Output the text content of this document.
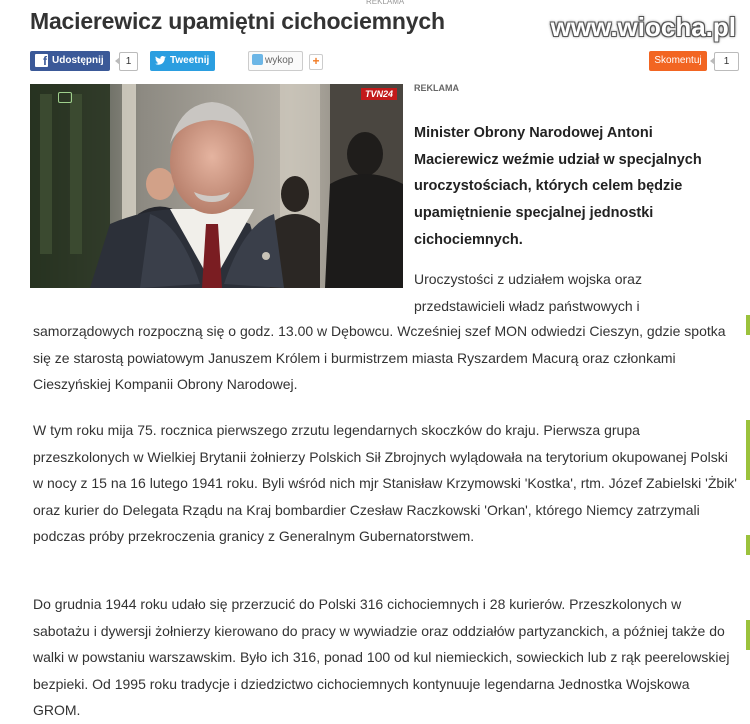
REKLAMA
Macierewicz upamiętni cichociemnych	www.wiocha.pl
f Udostępnij	1	Tweetnij	wykop	+	Skomentuj	1
TVN24
REKLAMA
Minister Obrony Narodowej Antoni Macierewicz weźmie udział w specjalnych uroczystościach, których celem będzie upamiętnienie specjalnej jednostki cichociemnych.
Uroczystości z udziałem wojska oraz przedstawicieli władz państwowych i
samorządowych rozpoczną się o godz. 13.00 w Dębowcu. Wcześniej szef MON odwiedzi Cieszyn, gdzie spotka się ze starostą powiatowym Januszem Królem i burmistrzem miasta Ryszardem Macurą oraz członkami Cieszyńskiej Kompanii Obrony Narodowej.
W tym roku mija 75. rocznica pierwszego zrzutu legendarnych skoczków do kraju. Pierwsza grupa przeszkolonych w Wielkiej Brytanii żołnierzy Polskich Sił Zbrojnych wylądowała na terytorium okupowanej Polski w nocy z 15 na 16 lutego 1941 roku. Byli wśród nich mjr Stanisław Krzymowski 'Kostka', rtm. Józef Zabielski 'Żbik' oraz kurier do Delegata Rządu na Kraj bombardier Czesław Raczkowski 'Orkan', którego Niemcy zatrzymali podczas próby przekroczenia granicy z Generalnym Gubernatorstwem.
Do grudnia 1944 roku udało się przerzucić do Polski 316 cichociemnych i 28 kurierów. Przeszkolonych w sabotażu i dywersji żołnierzy kierowano do pracy w wywiadzie oraz oddziałów partyzanckich, a później także do walki w powstaniu warszawskim. Było ich 316, ponad 100 od kul niemieckich, sowieckich lub z rąk peerelowskiej bezpieki. Od 1995 roku tradycje i dziedzictwo cichociemnych kontynuuje legendarna Jednostka Wojskowa GROM.
